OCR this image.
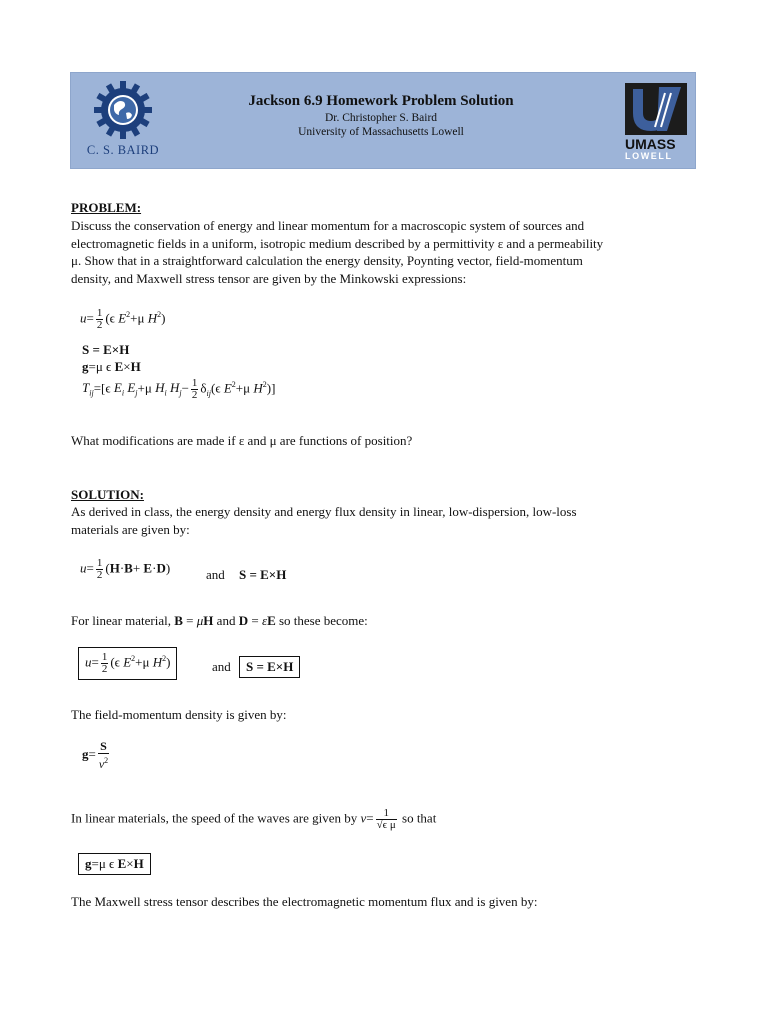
C. S. BAIRD
Jackson 6.9 Homework Problem Solution
Dr. Christopher S. Baird
University of Massachusetts Lowell
UMASS
LOWELL
PROBLEM:
Discuss the conservation of energy and linear momentum for a macroscopic system of sources and
electromagnetic fields in a uniform, isotropic medium described by a permittivity ε and a permeability
μ. Show that in a straightforward calculation the energy density, Poynting vector, field-momentum
density, and Maxwell stress tensor are given by the Minkowski expressions:
$u= \frac{1}{2} (\epsilon$ $E^2+\mu$ $H^2$)
S = E×H
g=μ ϵ E×H
$T_{ij}=[\epsilon$ $E_i$ $E_j+\mu$ $H_i$ $H_j- \frac{1}{2} \delta_{ij}(\epsilon$ $E^2+\mu$ $H^2$)]
What modifications are made if ε and μ are functions of position?
SOLUTION:
As derived in class, the energy density and energy flux density in linear, low-dispersion, low-loss
materials are given by:
$u= \frac{1}{2} (H\cdot B+ E\cdot D)$	and S = E×H
For linear material, B = μH and D = εE so these become:
$u= \frac{1}{2} (\epsilon$ $E^2+\mu$ $H^2$)	and	S = E×H
The field-momentum density is given by:
$g= \frac{S}{v^2}$
In linear materials, the speed of the waves are given by $v= \frac{1}{\text{√ϵ μ}}$ so that
g=μ ϵ E×H
The Maxwell stress tensor describes the electromagnetic momentum flux and is given by:
